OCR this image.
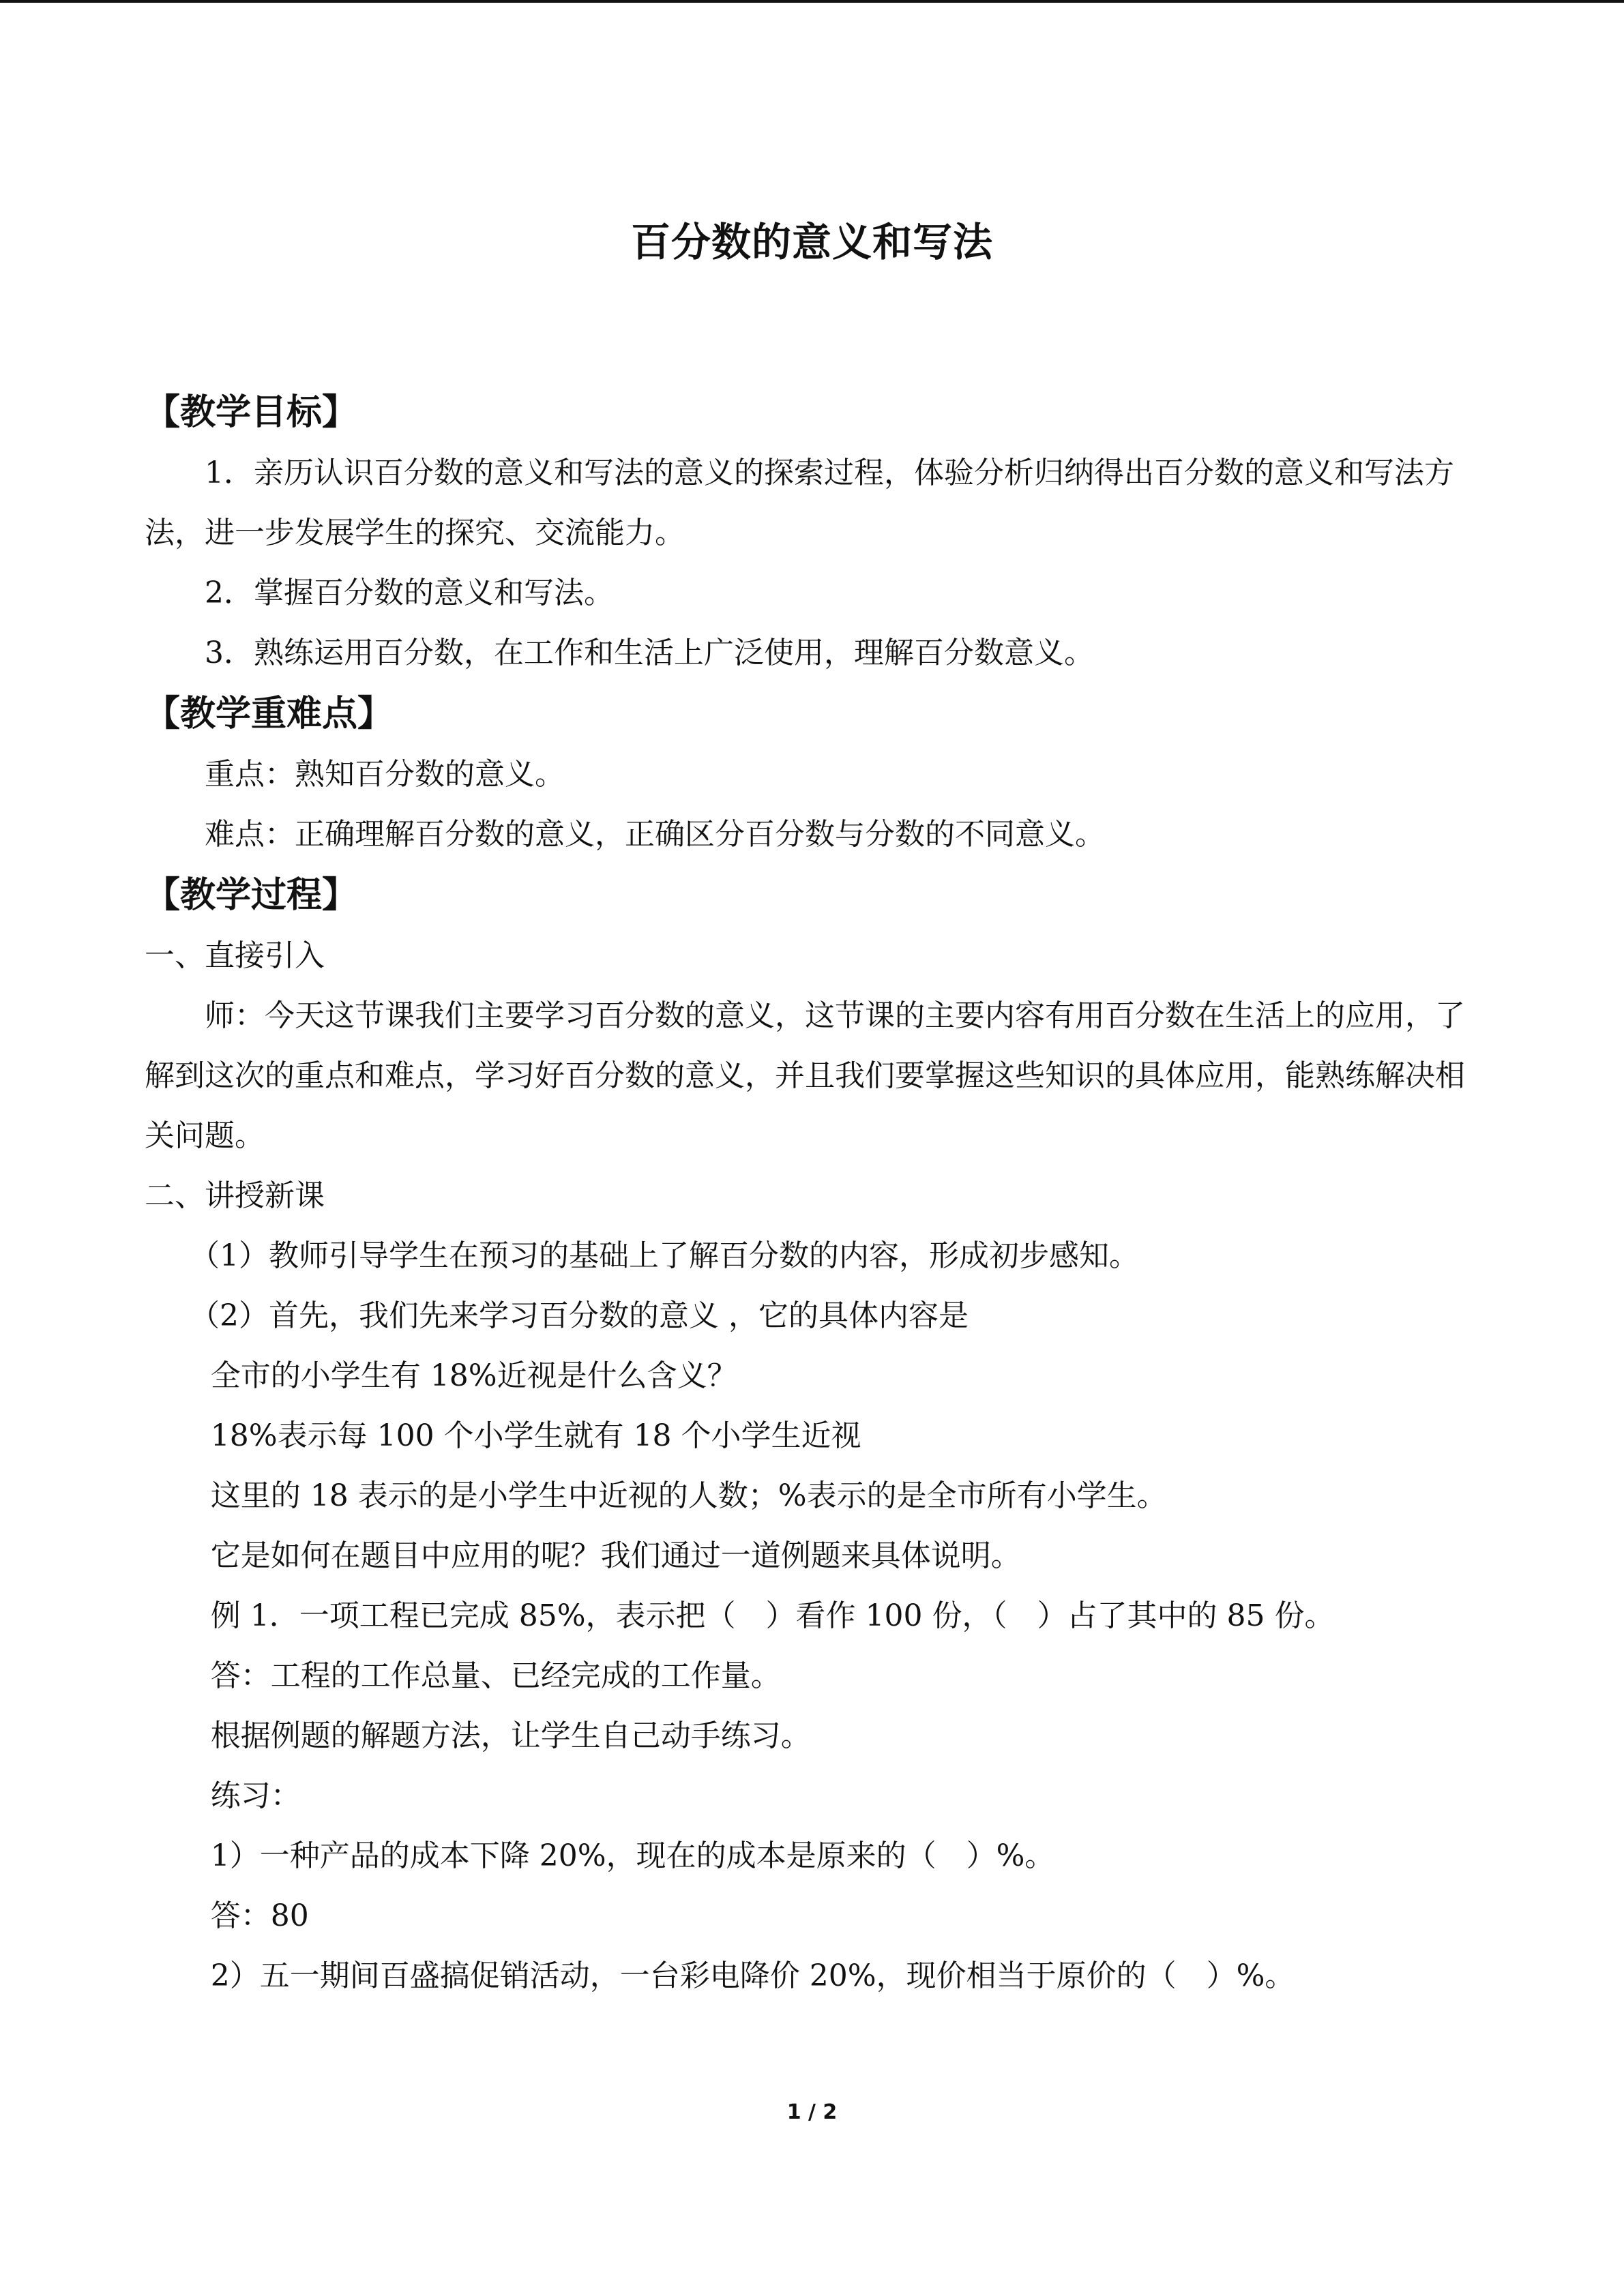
百分数的意义和写法
【教学目标】
1．亲历认识百分数的意义和写法的意义的探索过程，体验分析归纳得出百分数的意义和写法方法，进一步发展学生的探究、交流能力。
2．掌握百分数的意义和写法。
3．熟练运用百分数，在工作和生活上广泛使用，理解百分数意义。
【教学重难点】
重点：熟知百分数的意义。
难点：正确理解百分数的意义，正确区分百分数与分数的不同意义。
【教学过程】
一、直接引入
师：今天这节课我们主要学习百分数的意义，这节课的主要内容有用百分数在生活上的应用，了解到这次的重点和难点，学习好百分数的意义，并且我们要掌握这些知识的具体应用，能熟练解决相关问题。
二、讲授新课
（1）教师引导学生在预习的基础上了解百分数的内容，形成初步感知。
（2）首先，我们先来学习百分数的意义 ，它的具体内容是
全市的小学生有 18%近视是什么含义？
18%表示每 100 个小学生就有 18 个小学生近视
这里的 18 表示的是小学生中近视的人数；%表示的是全市所有小学生。
它是如何在题目中应用的呢？我们通过一道例题来具体说明。
例 1．一项工程已完成 85%，表示把（　）看作 100 份，（　）占了其中的 85 份。
答：工程的工作总量、已经完成的工作量。
根据例题的解题方法，让学生自己动手练习。
练习：
1）一种产品的成本下降 20%，现在的成本是原来的（　）%。
答：80
2）五一期间百盛搞促销活动，一台彩电降价 20%，现价相当于原价的（　）%。
1 / 2
